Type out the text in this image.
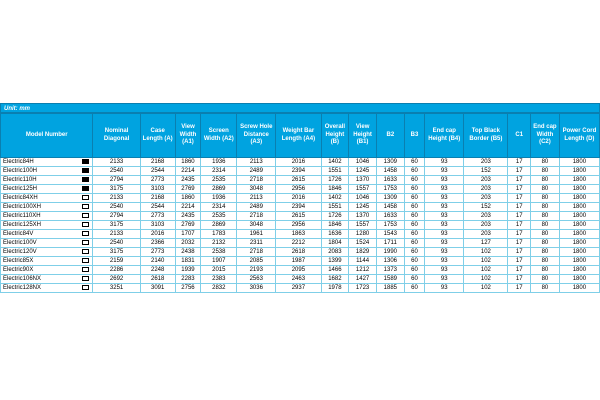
Unit: mm
Model Number	Nominal Diagonal	Case Length (A)	View Width (A1)	Screen Width (A2)	Screw Hole Distance (A3)	Weight Bar Length (A4)	Overall Height (B)	View Height (B1)	B2	B3	End cap Height (B4)	Top Black Border (B5)	C1	End cap Width (C2)	Power Cord Length (D)
Electric84H	2133	2168	1860	1936	2113	2016	1402	1046	1309	60	93	203	17	80	1800
Electric100H	2540	2544	2214	2314	2489	2394	1551	1245	1458	60	93	152	17	80	1800
Electric110H	2794	2773	2435	2535	2718	2615	1726	1370	1633	60	93	203	17	80	1800
Electric125H	3175	3103	2769	2869	3048	2956	1846	1557	1753	60	93	203	17	80	1800
Electric84XH	2133	2168	1860	1936	2113	2016	1402	1046	1309	60	93	203	17	80	1800
Electric100XH	2540	2544	2214	2314	2489	2394	1551	1245	1458	60	93	152	17	80	1800
Electric110XH	2794	2773	2435	2535	2718	2615	1726	1370	1633	60	93	203	17	80	1800
Electric125XH	3175	3103	2769	2869	3048	2956	1846	1557	1753	60	93	203	17	80	1800
Electric84V	2133	2016	1707	1783	1961	1863	1636	1280	1543	60	93	203	17	80	1800
Electric100V	2540	2366	2032	2132	2311	2212	1804	1524	1711	60	93	127	17	80	1800
Electric120V	3175	2773	2438	2538	2718	2618	2083	1829	1990	60	93	102	17	80	1800
Electric85X	2159	2140	1831	1907	2085	1987	1399	1144	1306	60	93	102	17	80	1800
Electric90X	2286	2248	1939	2015	2193	2095	1466	1212	1373	60	93	102	17	80	1800
Electric106NX	2692	2618	2283	2383	2563	2463	1682	1427	1589	60	93	102	17	80	1800
Electric128NX	3251	3091	2756	2832	3036	2937	1978	1723	1885	60	93	102	17	80	1800
